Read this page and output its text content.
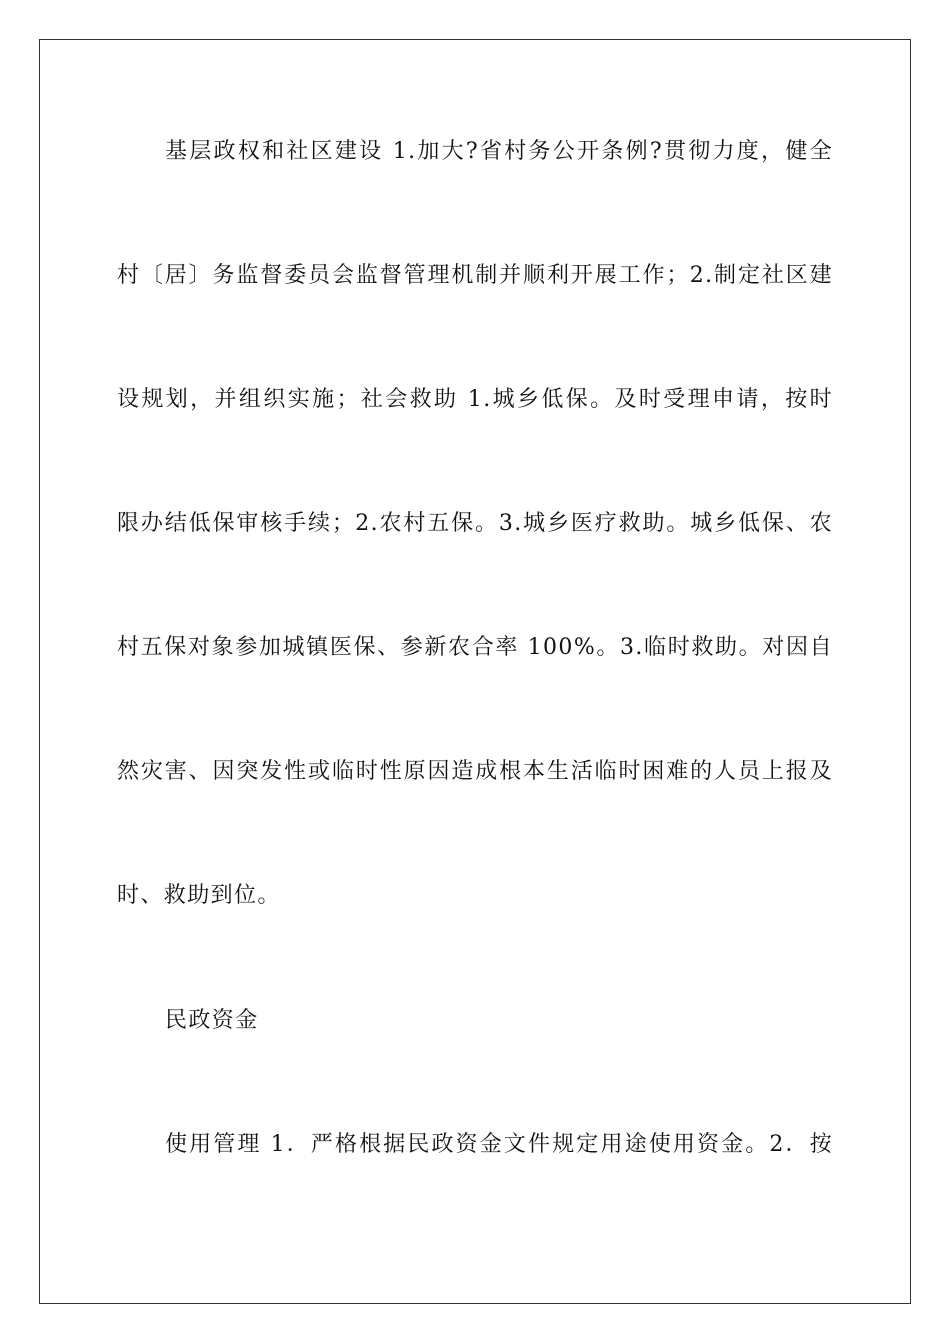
基层政权和社区建设 1.加大?省村务公开条例?贯彻力度，健全
村〔居〕务监督委员会监督管理机制并顺利开展工作；2.制定社区建
设规划，并组织实施；社会救助 1.城乡低保。及时受理申请，按时
限办结低保审核手续；2.农村五保。3.城乡医疗救助。城乡低保、农
村五保对象参加城镇医保、参新农合率 100%。3.临时救助。对因自
然灾害、因突发性或临时性原因造成根本生活临时困难的人员上报及
时、救助到位。
民政资金
使用管理 1．严格根据民政资金文件规定用途使用资金。2．按
